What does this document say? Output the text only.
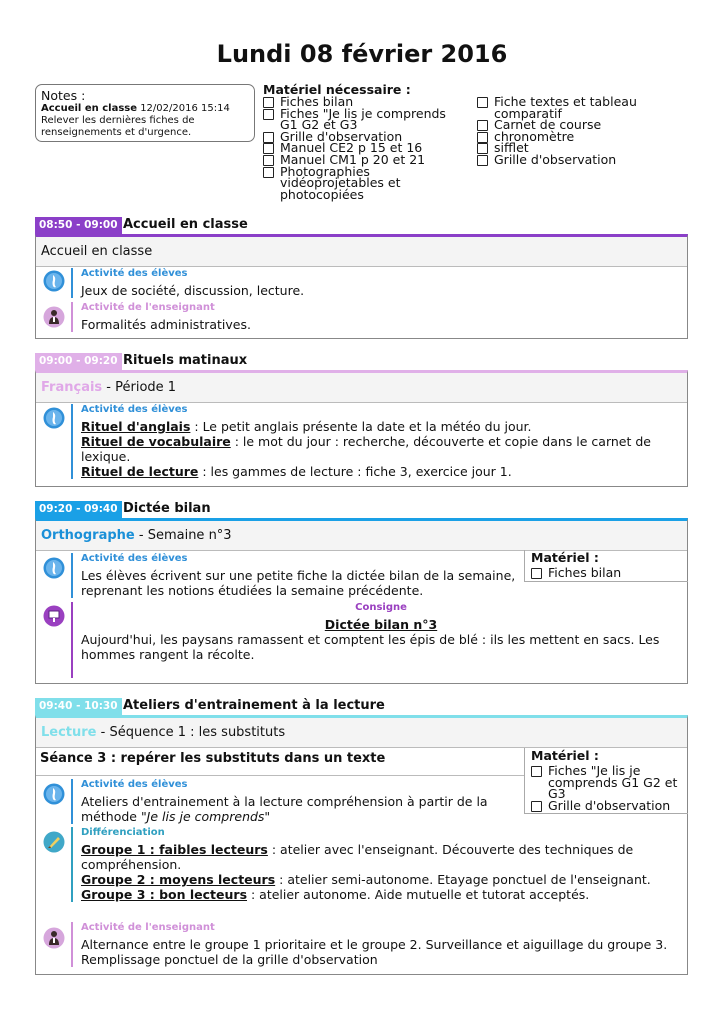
Lundi 08 février 2016
Notes :
Accueil en classe 12/02/2016 15:14
Relever les dernières fiches de
renseignements et d'urgence.
Matériel nécessaire :
Fiches bilan
Fiches "Je lis je comprends
G1 G2 et G3
Grille d'observation
Manuel CE2 p 15 et 16
Manuel CM1 p 20 et 21
Photographies
vidéoprojetables et
photocopiées
Fiche textes et tableau
comparatif
Carnet de course
chronomètre
sifflet
Grille d'observation
08:50 - 09:00 Accueil en classe
Accueil en classe
Activité des élèves
Jeux de société, discussion, lecture.
Activité de l'enseignant
Formalités administratives.
09:00 - 09:20 Rituels matinaux
Français - Période 1
Activité des élèves
Rituel d'anglais : Le petit anglais présente la date et la météo du jour.
Rituel de vocabulaire : le mot du jour : recherche, découverte et copie dans le carnet de lexique.
Rituel de lecture : les gammes de lecture : fiche 3, exercice jour 1.
09:20 - 09:40 Dictée bilan
Orthographe - Semaine n°3
Matériel :
Fiches bilan
Activité des élèves
Les élèves écrivent sur une petite fiche la dictée bilan de la semaine, reprenant les notions étudiées la semaine précédente.
Consigne
Dictée bilan n°3
Aujourd'hui, les paysans ramassent et comptent les épis de blé : ils les mettent en sacs. Les hommes rangent la récolte.
09:40 - 10:30 Ateliers d'entrainement à la lecture
Lecture - Séquence 1 : les substituts
Séance 3 : repérer les substituts dans un texte	Matériel :
Fiches "Je lis je
comprends G1 G2 et
G3
Grille d'observation
Activité des élèves
Ateliers d'entrainement à la lecture compréhension à partir de la méthode "Je lis je comprends"
Différenciation
Groupe 1 : faibles lecteurs : atelier avec l'enseignant. Découverte des techniques de compréhension.
Groupe 2 : moyens lecteurs : atelier semi-autonome. Etayage ponctuel de l'enseignant.
Groupe 3 : bon lecteurs : atelier autonome. Aide mutuelle et tutorat acceptés.
Activité de l'enseignant
Alternance entre le groupe 1 prioritaire et le groupe 2. Surveillance et aiguillage du groupe 3. Remplissage ponctuel de la grille d'observation
